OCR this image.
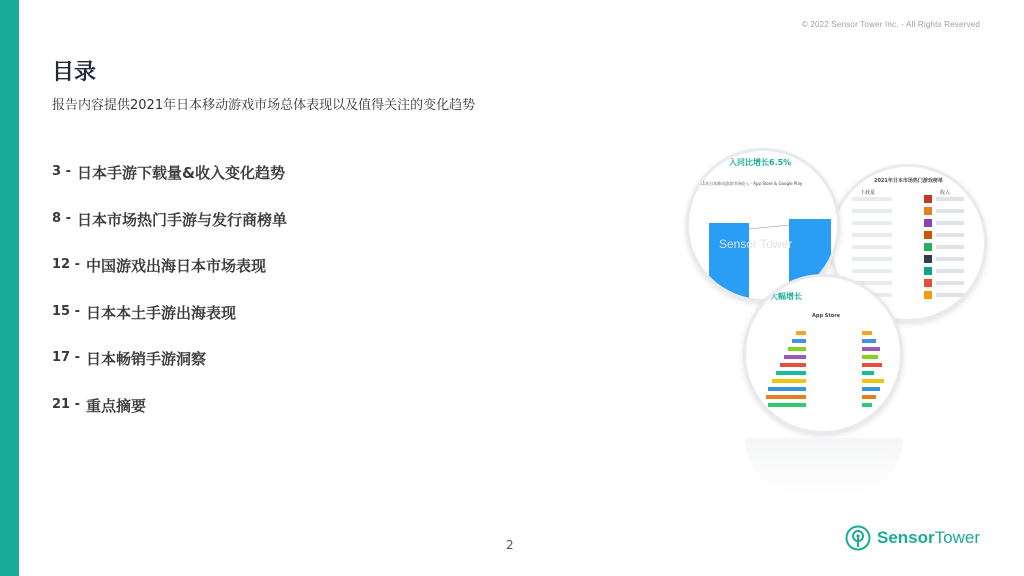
© 2022 Sensor Tower Inc. - All Rights Reserved
目录
报告内容提供2021年日本移动游戏市场总体表现以及值得关注的变化趋势
3 - 日本手游下载量&收入变化趋势
8 - 日本市场热门手游与发行商榜单
12 - 中国游戏出海日本市场表现
15 - 日本本土手游出海表现
17 - 日本畅销手游洞察
21 - 重点摘要
2021年日本市场热门游戏榜单
下载量	收入
入同比增长6.5%
2021年日本移动游戏市场收入 - App Store & Google Play
Sensor Tower
大幅增长
App Store
2	SensorTower
